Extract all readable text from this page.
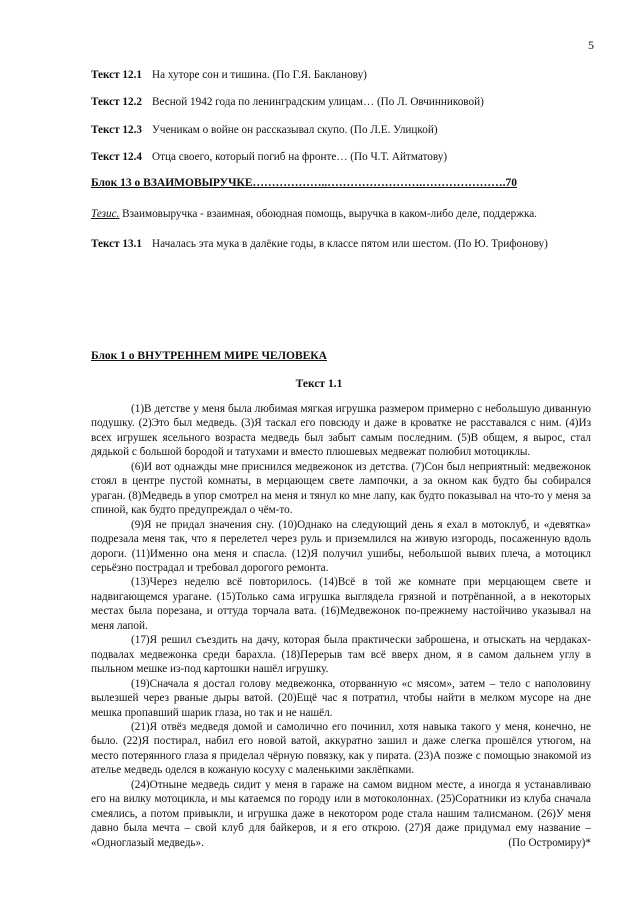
5
Текст 12.1 На хуторе сон и тишина. (По Г.Я. Бакланову)
Текст 12.2 Весной 1942 года по ленинградским улицам… (По Л. Овчинниковой)
Текст 12.3 Ученикам о войне он рассказывал скупо. (По Л.Е. Улицкой)
Текст 12.4 Отца своего, который погиб на фронте… (По Ч.Т. Айтматову)
Блок 13 о ВЗАИМОВЫРУЧКЕ………………..…………………….………………….70
Тезис. Взаимовыручка - взаимная, обоюдная помощь, выручка в каком-либо деле, поддержка.
Текст 13.1 Началась эта мука в далёкие годы, в классе пятом или шестом. (По Ю. Трифонову)
Блок 1 о ВНУТРЕННЕМ МИРЕ ЧЕЛОВЕКА
Текст 1.1

(1)В детстве у меня была любимая мягкая игрушка размером примерно с небольшую диванную подушку. (2)Это был медведь. (3)Я таскал его повсюду и даже в кроватке не расставался с ним. (4)Из всех игрушек ясельного возраста медведь был забыт самым последним. (5)В общем, я вырос, стал дядькой с большой бородой и татухами и вместо плюшевых медвежат полюбил мотоциклы.

(6)И вот однажды мне приснился медвежонок из детства. (7)Сон был неприятный: медвежонок стоял в центре пустой комнаты, в мерцающем свете лампочки, а за окном как будто бы собирался ураган. (8)Медведь в упор смотрел на меня и тянул ко мне лапу, как будто показывал на что-то у меня за спиной, как будто предупреждал о чём-то.

(9)Я не придал значения сну. (10)Однако на следующий день я ехал в мотоклуб, и «девятка» подрезала меня так, что я перелетел через руль и приземлился на живую изгородь, посаженную вдоль дороги. (11)Именно она меня и спасла. (12)Я получил ушибы, небольшой вывих плеча, а мотоцикл серьёзно пострадал и требовал дорогого ремонта.

(13)Через неделю всё повторилось. (14)Всё в той же комнате при мерцающем свете и надвигающемся урагане. (15)Только сама игрушка выглядела грязной и потрёпанной, а в некоторых местах была порезана, и оттуда торчала вата. (16)Медвежонок по-прежнему настойчиво указывал на меня лапой.

(17)Я решил съездить на дачу, которая была практически заброшена, и отыскать на чердаках-подвалах медвежонка среди барахла. (18)Перерыв там всё вверх дном, я в самом дальнем углу в пыльном мешке из-под картошки нашёл игрушку.

(19)Сначала я достал голову медвежонка, оторванную «с мясом», затем – тело с наполовину вылезшей через рваные дыры ватой. (20)Ещё час я потратил, чтобы найти в мелком мусоре на дне мешка пропавший шарик глаза, но так и не нашёл.

(21)Я отвёз медведя домой и самолично его починил, хотя навыка такого у меня, конечно, не было. (22)Я постирал, набил его новой ватой, аккуратно зашил и даже слегка прошёлся утюгом, на место потерянного глаза я приделал чёрную повязку, как у пирата. (23)А позже с помощью знакомой из ателье медведь оделся в кожаную косуху с маленькими заклёпками.

(24)Отныне медведь сидит у меня в гараже на самом видном месте, а иногда я устанавливаю его на вилку мотоцикла, и мы катаемся по городу или в мотоколоннах. (25)Соратники из клуба сначала смеялись, а потом привыкли, и игрушка даже в некотором роде стала нашим талисманом. (26)У меня давно была мечта – свой клуб для байкеров, и я его открою. (27)Я даже придумал ему название – «Одноглазый медведь».	(По Остромиру)*
